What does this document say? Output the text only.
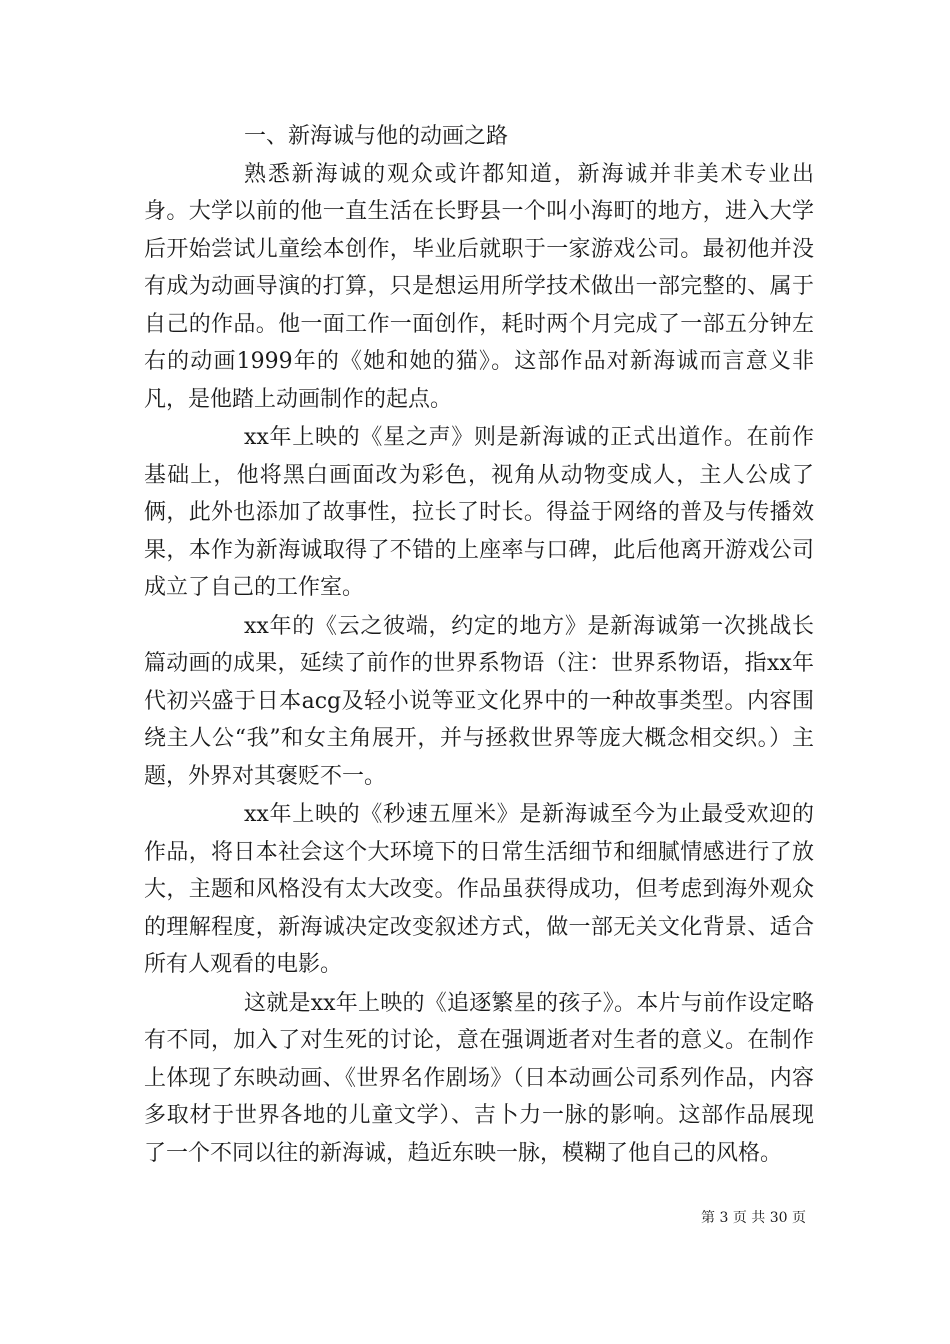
一、新海诚与他的动画之路

熟悉新海诚的观众或许都知道，新海诚并非美术专业出身。大学以前的他一直生活在长野县一个叫小海町的地方，进入大学后开始尝试儿童绘本创作，毕业后就职于一家游戏公司。最初他并没有成为动画导演的打算，只是想运用所学技术做出一部完整的、属于自己的作品。他一面工作一面创作，耗时两个月完成了一部五分钟左右的动画1999年的《她和她的猫》。这部作品对新海诚而言意义非凡，是他踏上动画制作的起点。

xx年上映的《星之声》则是新海诚的正式出道作。在前作基础上，他将黑白画面改为彩色，视角从动物变成人，主人公成了俩，此外也添加了故事性，拉长了时长。得益于网络的普及与传播效果，本作为新海诚取得了不错的上座率与口碑，此后他离开游戏公司成立了自己的工作室。

xx年的《云之彼端，约定的地方》是新海诚第一次挑战长篇动画的成果，延续了前作的世界系物语（注：世界系物语，指xx年代初兴盛于日本acg及轻小说等亚文化界中的一种故事类型。内容围绕主人公“我”和女主角展开，并与拯救世界等庞大概念相交织。）主题，外界对其褒贬不一。

xx年上映的《秒速五厘米》是新海诚至今为止最受欢迎的作品，将日本社会这个大环境下的日常生活细节和细腻情感进行了放大，主题和风格没有太大改变。作品虽获得成功，但考虑到海外观众的理解程度，新海诚决定改变叙述方式，做一部无关文化背景、适合所有人观看的电影。

这就是xx年上映的《追逐繁星的孩子》。本片与前作设定略有不同，加入了对生死的讨论，意在强调逝者对生者的意义。在制作上体现了东映动画、《世界名作剧场》（日本动画公司系列作品，内容多取材于世界各地的儿童文学）、吉卜力一脉的影响。这部作品展现了一个不同以往的新海诚，趋近东映一脉，模糊了他自己的风格。

第 3 页 共 30 页
